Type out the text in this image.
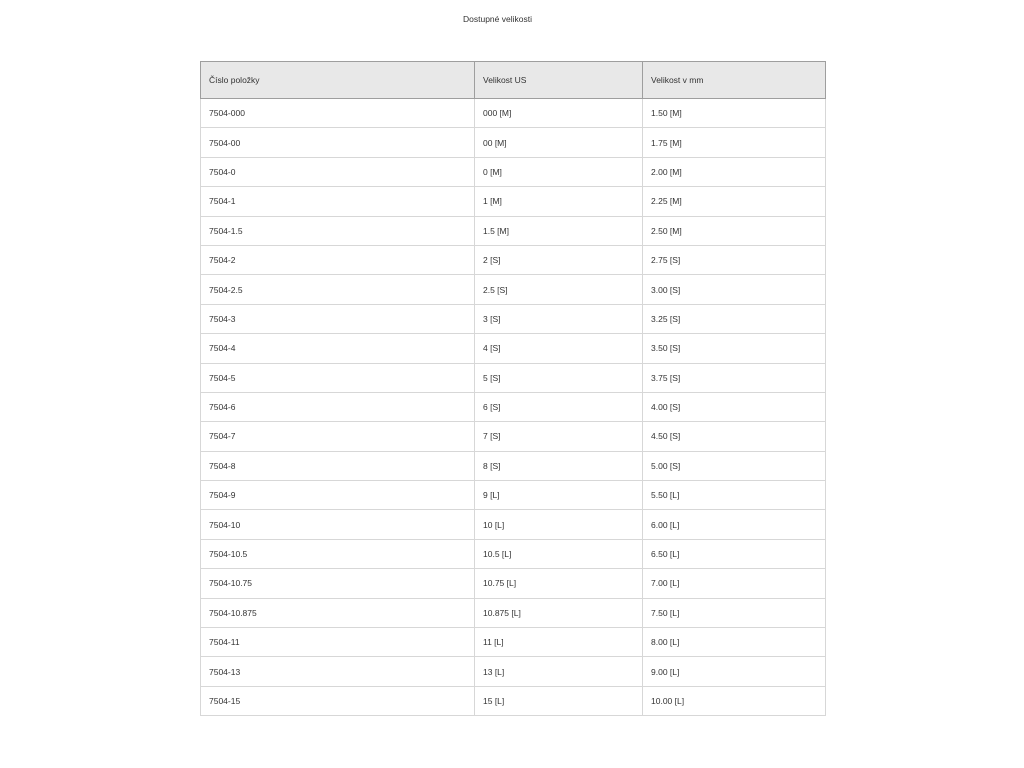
Dostupné velikosti
Číslo položky	Velikost US	Velikost v mm
7504-000	000 [M]	1.50 [M]
7504-00	00 [M]	1.75 [M]
7504-0	0 [M]	2.00 [M]
7504-1	1 [M]	2.25 [M]
7504-1.5	1.5 [M]	2.50 [M]
7504-2	2 [S]	2.75 [S]
7504-2.5	2.5 [S]	3.00 [S]
7504-3	3 [S]	3.25 [S]
7504-4	4 [S]	3.50 [S]
7504-5	5 [S]	3.75 [S]
7504-6	6 [S]	4.00 [S]
7504-7	7 [S]	4.50 [S]
7504-8	8 [S]	5.00 [S]
7504-9	9 [L]	5.50 [L]
7504-10	10 [L]	6.00 [L]
7504-10.5	10.5 [L]	6.50 [L]
7504-10.75	10.75 [L]	7.00 [L]
7504-10.875	10.875 [L]	7.50 [L]
7504-11	11 [L]	8.00 [L]
7504-13	13 [L]	9.00 [L]
7504-15	15 [L]	10.00 [L]
